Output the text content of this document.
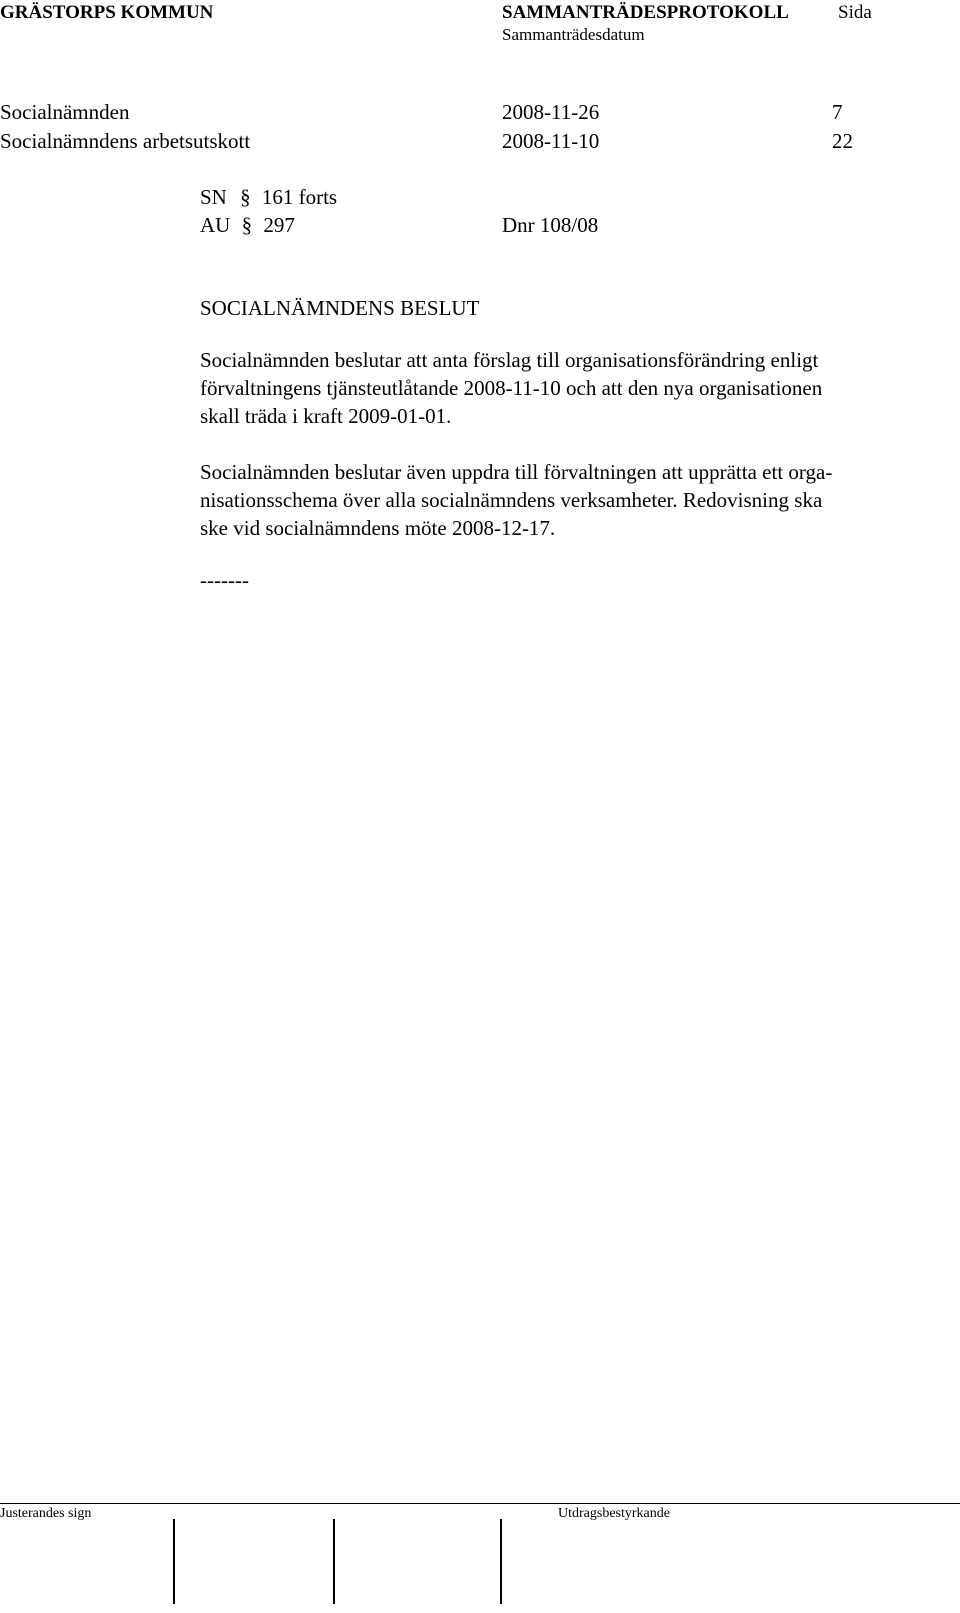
GRÄSTORPS KOMMUN	SAMMANTRÄDESPROTOKOLL	Sida
Sammanträdesdatum
Socialnämnden	2008-11-26	7
Socialnämndens arbetsutskott	2008-11-10	22
SN § 161 forts
AU § 297	Dnr 108/08
SOCIALNÄMNDENS BESLUT
Socialnämnden beslutar att anta förslag till organisationsförändring enligt
förvaltningens tjänsteutlåtande 2008-11-10 och att den nya organisationen
skall träda i kraft 2009-01-01.
Socialnämnden beslutar även uppdra till förvaltningen att upprätta ett orga-
nisationsschema över alla socialnämndens verksamheter. Redovisning ska
ske vid socialnämndens möte 2008-12-17.
-------
Justerandes sign	Utdragsbestyrkande
